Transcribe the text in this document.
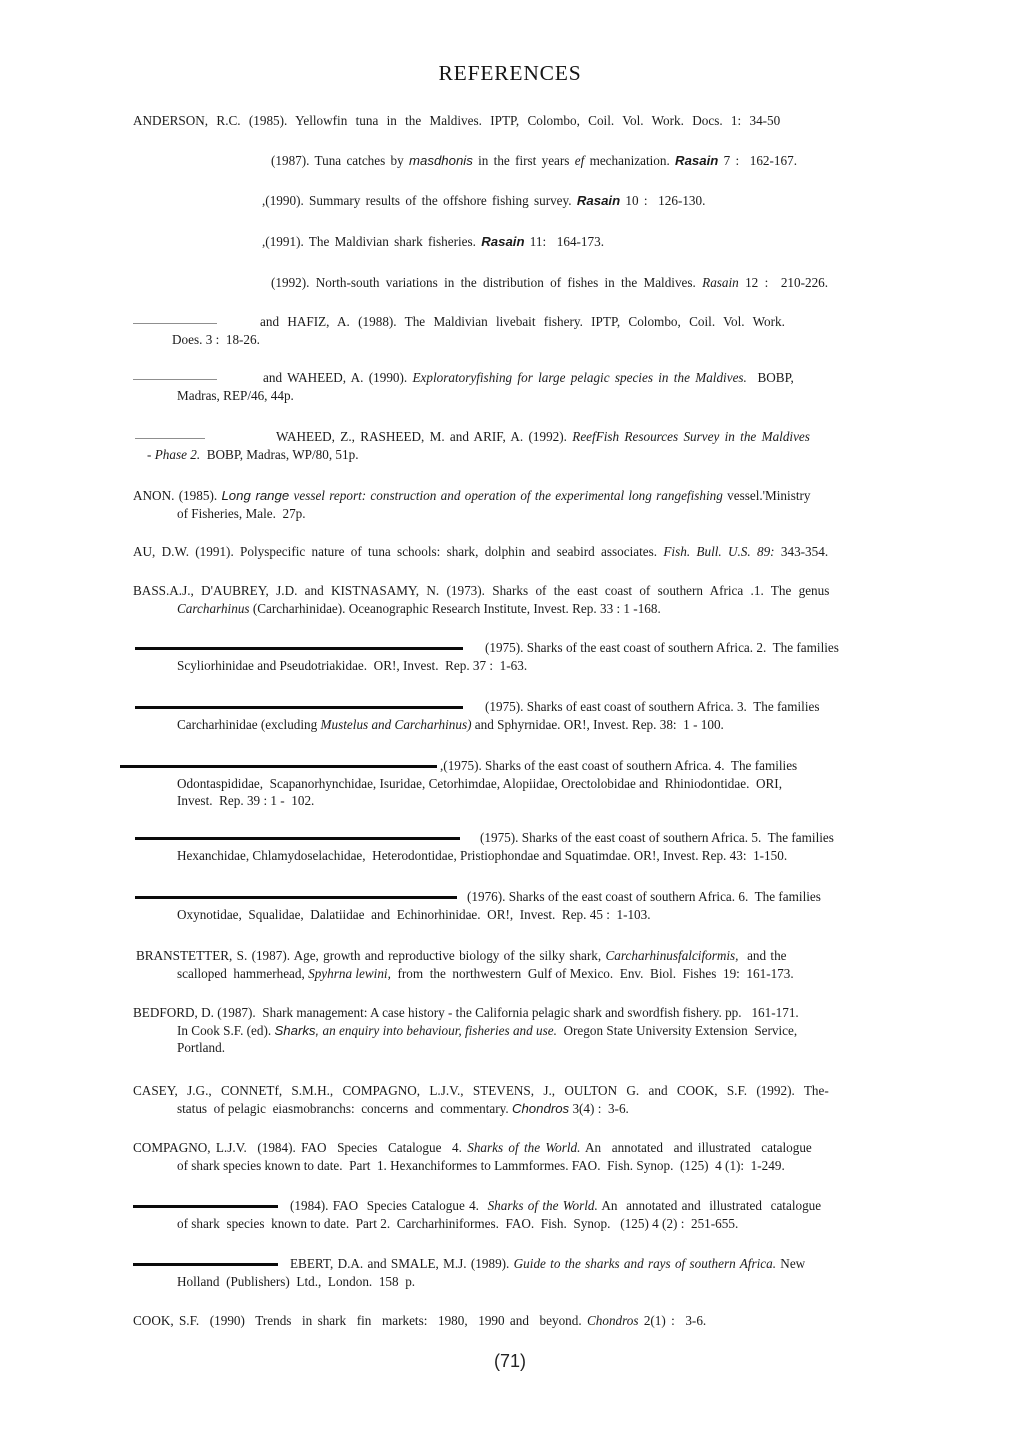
REFERENCES
ANDERSON, R.C. (1985). Yellowfin tuna in the Maldives. IPTP, Colombo, Coil. Vol. Work. Docs. 1: 34-50
(1987). Tuna catches by masdhonis in the first years ef mechanization. Rasain 7 :  162-167.
,(1990). Summary results of the offshore fishing survey. Rasain 10 :  126-130.
,(1991). The Maldivian shark fisheries. Rasain 11:  164-173.
(1992). North-south variations in the distribution of fishes in the Maldives. Rasain 12 :  210-226.
and HAFIZ, A. (1988). The Maldivian livebait fishery. IPTP, Colombo, Coil. Vol. Work.
Does. 3 :  18-26.
and WAHEED, A. (1990). Exploratoryfishing for large pelagic species in the Maldives.  BOBP,
Madras, REP/46, 44p.
WAHEED, Z., RASHEED, M. and ARIF, A. (1992). ReefFish Resources Survey in the Maldives
- Phase 2.  BOBP, Madras, WP/80, 51p.
ANON. (1985). Long range vessel report: construction and operation of the experimental long rangefishing vessel.'Ministry
of Fisheries, Male.  27p.
AU, D.W. (1991). Polyspecific nature of tuna schools: shark, dolphin and seabird associates. Fish. Bull. U.S. 89: 343-354.
BASS.A.J., D'AUBREY, J.D. and KISTNASAMY, N. (1973). Sharks of the east coast of southern Africa .1. The genus
Carcharhinus (Carcharhinidae). Oceanographic Research Institute, Invest. Rep. 33 : 1 -168.
(1975). Sharks of the east coast of southern Africa. 2.  The families
Scyliorhinidae and Pseudotriakidae.  OR!, Invest.  Rep. 37 :  1-63.
(1975). Sharks of east coast of southern Africa. 3.  The families
Carcharhinidae (excluding Mustelus and Carcharhinus) and Sphyrnidae. OR!, Invest. Rep. 38:  1 - 100.
,(1975). Sharks of the east coast of southern Africa. 4.  The families
Odontaspididae,  Scapanorhynchidae, Isuridae, Cetorhimdae, Alopiidae, Orectolobidae and  Rhiniodontidae.  ORI,
Invest.  Rep. 39 : 1 -  102.
(1975). Sharks of the east coast of southern Africa. 5.  The families
Hexanchidae, Chlamydoselachidae,  Heterodontidae, Pristiophondae and Squatimdae. OR!, Invest. Rep. 43:  1-150.
(1976). Sharks of the east coast of southern Africa. 6.  The families
Oxynotidae,  Squalidae,  Dalatiidae  and  Echinorhinidae.  OR!,  Invest.  Rep. 45 :  1-103.
BRANSTETTER, S. (1987). Age, growth and reproductive biology of the silky shark, Carcharhinusfalciformis,  and the
scalloped  hammerhead, Spyhrna lewini,  from  the  northwestern  Gulf of Mexico.  Env.  Biol.  Fishes  19:  161-173.
BEDFORD, D. (1987).  Shark management: A case history - the California pelagic shark and swordfish fishery. pp.   161-171.
In Cook S.F. (ed). Sharks, an enquiry into behaviour, fisheries and use.  Oregon State University Extension  Service,
Portland.
CASEY, J.G., CONNETf, S.M.H., COMPAGNO, L.J.V., STEVENS, J., OULTON G. and COOK, S.F. (1992). The-
status  of pelagic  eiasmobranchs:  concerns  and  commentary. Chondros 3(4) :  3-6.
COMPAGNO, L.J.V.  (1984). FAO  Species  Catalogue  4. Sharks of the World. An  annotated  and illustrated  catalogue
of shark species known to date.  Part  1. Hexanchiformes to Lammformes. FAO.  Fish. Synop.  (125)  4 (1):  1-249.
(1984). FAO  Species Catalogue 4.  Sharks of the World. An  annotated and  illustrated  catalogue
of shark  species  known to date.  Part 2.  Carcharhiniformes.  FAO.  Fish.  Synop.   (125) 4 (2) :  251-655.
EBERT, D.A. and SMALE, M.J. (1989). Guide to the sharks and rays of southern Africa. New
Holland  (Publishers)  Ltd.,  London.  158  p.
COOK, S.F.  (1990)  Trends  in shark  fin  markets:  1980,  1990 and  beyond. Chondros 2(1) :  3-6.
(71)
